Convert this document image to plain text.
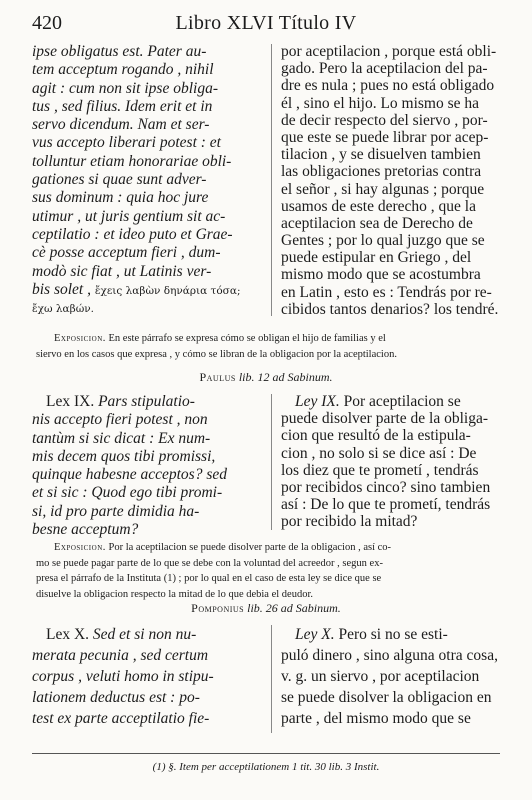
420	Libro XLVI Título IV
ipse obligatus est. Pater au-
tem acceptum rogando , nihil
agit : cum non sit ipse obliga-
tus , sed filius. Idem erit et in
servo dicendum. Nam et ser-
vus accepto liberari potest : et
tolluntur etiam honorariae obli-
gationes si quae sunt adver-
sus dominum : quia hoc jure
utimur , ut juris gentium sit ac-
ceptilatio : et ideo puto et Grae-
cè posse acceptum fieri , dum-
modò sic fiat , ut Latinis ver-
bis solet , ἔχεις λαβὼν δηνάρια τόσα;
ἔχω λαβών.
por aceptilacion , porque está obli-
gado. Pero la aceptilacion del pa-
dre es nula ; pues no está obligado
él , sino el hijo. Lo mismo se ha
de decir respecto del siervo , por-
que este se puede librar por acep-
tilacion , y se disuelven tambien
las obligaciones pretorias contra
el señor , si hay algunas ; porque
usamos de este derecho , que la
aceptilacion sea de Derecho de
Gentes ; por lo qual juzgo que se
puede estipular en Griego , del
mismo modo que se acostumbra
en Latin , esto es : Tendrás por re-
cibidos tantos denarios? los tendré.
Exposicion. En este párrafo se expresa cómo se obligan el hijo de familias y el
siervo en los casos que expresa , y cómo se libran de la obligacion por la aceptilacion.
Paulus lib. 12 ad Sabinum.
Lex IX. Pars stipulatio-
nis accepto fieri potest , non
tantùm si sic dicat : Ex num-
mis decem quos tibi promissi,
quinque habesne acceptos? sed
et si sic : Quod ego tibi promi-
si, id pro parte dimidia ha-
besne acceptum?
Ley IX. Por aceptilacion se
puede disolver parte de la obliga-
cion que resultó de la estipula-
cion , no solo si se dice así : De
los diez que te prometí , tendrás
por recibidos cinco? sino tambien
así : De lo que te prometí, tendrás
por recibido la mitad?
Exposicion. Por la aceptilacion se puede disolver parte de la obligacion , así co-
mo se puede pagar parte de lo que se debe con la voluntad del acreedor , segun ex-
presa el párrafo de la Instituta (1) ; por lo qual en el caso de esta ley se dice que se
disuelve la obligacion respecto la mitad de lo que debia el deudor.
Pomponius lib. 26 ad Sabinum.
Lex X. Sed et si non nu-
merata pecunia , sed certum
corpus , veluti homo in stipu-
lationem deductus est : po-
test ex parte acceptilatio fie-
Ley X. Pero si no se esti-
puló dinero , sino alguna otra cosa,
v. g. un siervo , por aceptilacion
se puede disolver la obligacion en
parte , del mismo modo que se
(1) §. Item per acceptilationem 1 tit. 30 lib. 3 Instit.
